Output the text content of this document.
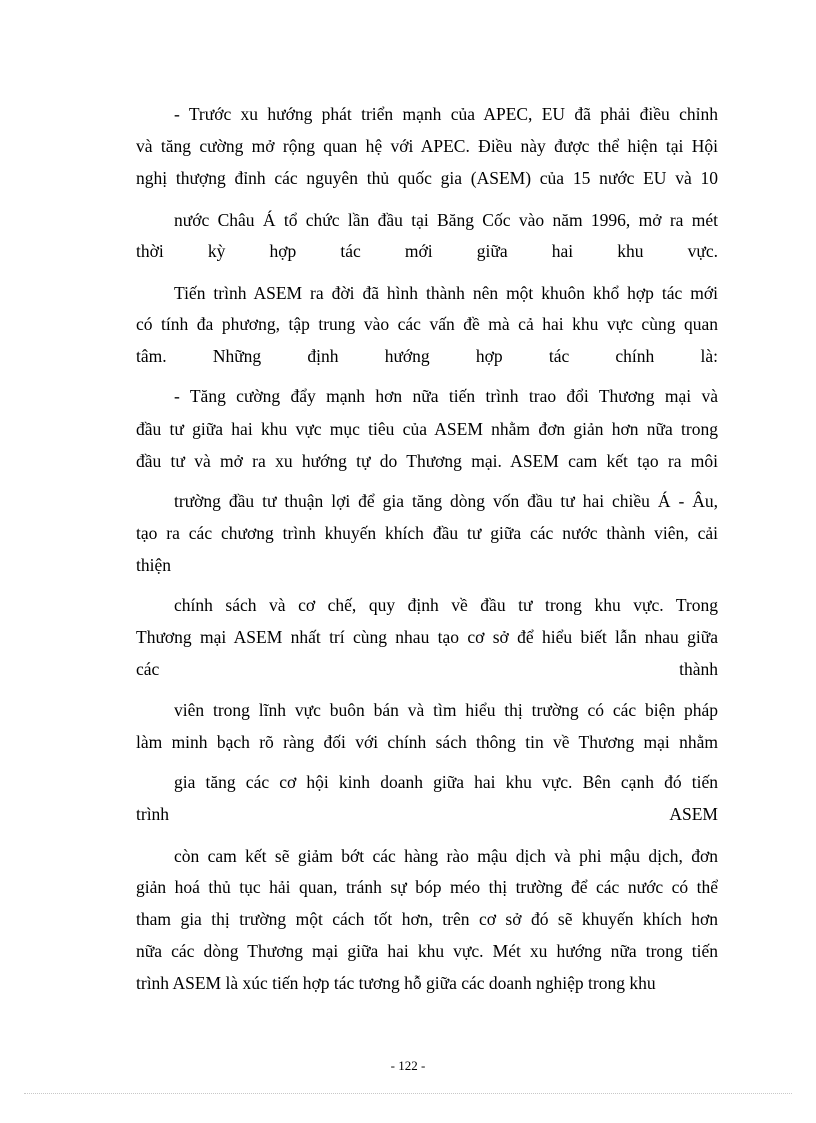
- Trước xu hướng phát triển mạnh của APEC, EU đã phải điều chỉnh

và tăng cường mở rộng quan hệ với APEC. Điều này được thể hiện tại Hội

nghị thượng đỉnh các nguyên thủ quốc gia (ASEM) của 15 nước EU và 10

nước Châu Á tổ chức lần đầu tại Băng Cốc vào năm 1996, mở ra mét

thời kỳ hợp tác mới giữa hai khu vực.

Tiến trình ASEM ra đời đã hình thành nên một khuôn khổ hợp tác mới

có tính đa phương, tập trung vào các vấn đề mà cả hai khu vực cùng quan

tâm. Những định hướng hợp tác chính là:

- Tăng cường đẩy mạnh hơn nữa tiến trình trao đổi Thương mại và

đầu tư giữa hai khu vực mục tiêu của ASEM nhằm đơn giản hơn nữa trong

đầu tư và mở ra xu hướng tự do Thương mại. ASEM cam kết tạo ra môi

trường đầu tư thuận lợi để gia tăng dòng vốn đầu tư hai chiều Á - Âu,

tạo ra các chương trình khuyến khích đầu tư giữa các nước thành viên, cải

thiện

chính sách và cơ chế, quy định về đầu tư trong khu vực. Trong

Thương mại ASEM nhất trí cùng nhau tạo cơ sở để hiểu biết lẫn nhau giữa

các thành

viên trong lĩnh vực buôn bán và tìm hiểu thị trường có các biện pháp

làm minh bạch rõ ràng đối với chính sách thông tin về Thương mại nhằm

gia tăng các cơ hội kinh doanh giữa hai khu vực. Bên cạnh đó tiến

trình ASEM

còn cam kết sẽ giảm bớt các hàng rào mậu dịch và phi mậu dịch, đơn

giản hoá thủ tục hải quan, tránh sự bóp méo thị trường để các nước có thể

tham gia thị trường một cách tốt hơn, trên cơ sở đó sẽ khuyến khích hơn

nữa các dòng Thương mại giữa hai khu vực. Mét xu hướng nữa trong tiến

trình ASEM là xúc tiến hợp tác tương hỗ giữa các doanh nghiệp trong khu

- 122 -
